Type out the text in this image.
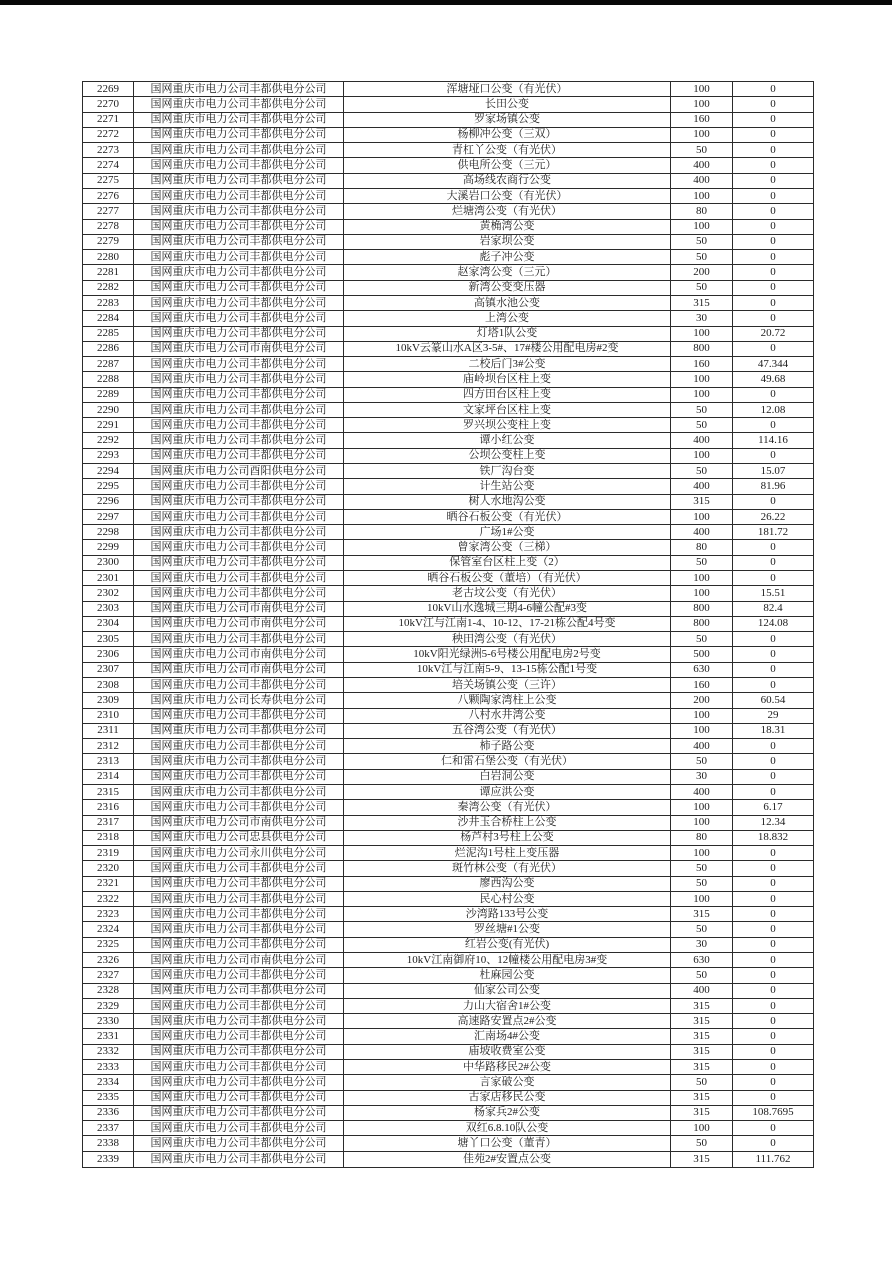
2269	国网重庆市电力公司丰都供电分公司	浑塘垭口公变（有光伏）	100	0
2270	国网重庆市电力公司丰都供电分公司	长田公变	100	0
2271	国网重庆市电力公司丰都供电分公司	罗家场镇公变	160	0
2272	国网重庆市电力公司丰都供电分公司	杨柳冲公变（三双）	100	0
2273	国网重庆市电力公司丰都供电分公司	青杠丫公变（有光伏）	50	0
2274	国网重庆市电力公司丰都供电分公司	供电所公变（三元）	400	0
2275	国网重庆市电力公司丰都供电分公司	高场线农商行公变	400	0
2276	国网重庆市电力公司丰都供电分公司	大溪岩口公变（有光伏）	100	0
2277	国网重庆市电力公司丰都供电分公司	烂塘湾公变（有光伏）	80	0
2278	国网重庆市电力公司丰都供电分公司	黄桷湾公变	100	0
2279	国网重庆市电力公司丰都供电分公司	岩家坝公变	50	0
2280	国网重庆市电力公司丰都供电分公司	彪子冲公变	50	0
2281	国网重庆市电力公司丰都供电分公司	赵家湾公变（三元）	200	0
2282	国网重庆市电力公司丰都供电分公司	新湾公变变压器	50	0
2283	国网重庆市电力公司丰都供电分公司	高镇水池公变	315	0
2284	国网重庆市电力公司丰都供电分公司	上湾公变	30	0
2285	国网重庆市电力公司丰都供电分公司	灯塔1队公变	100	20.72
2286	国网重庆市电力公司市南供电分公司	10kV云篆山水A区3-5#、17#楼公用配电房#2变	800	0
2287	国网重庆市电力公司丰都供电分公司	二校后门3#公变	160	47.344
2288	国网重庆市电力公司丰都供电分公司	庙岭坝台区柱上变	100	49.68
2289	国网重庆市电力公司丰都供电分公司	四方田台区柱上变	100	0
2290	国网重庆市电力公司丰都供电分公司	文家坪台区柱上变	50	12.08
2291	国网重庆市电力公司丰都供电分公司	罗兴坝公变柱上变	50	0
2292	国网重庆市电力公司丰都供电分公司	谭小红公变	400	114.16
2293	国网重庆市电力公司丰都供电分公司	公坝公变柱上变	100	0
2294	国网重庆市电力公司酉阳供电分公司	铁厂沟台变	50	15.07
2295	国网重庆市电力公司丰都供电分公司	计生站公变	400	81.96
2296	国网重庆市电力公司丰都供电分公司	树人水地沟公变	315	0
2297	国网重庆市电力公司丰都供电分公司	晒谷石板公变（有光伏）	100	26.22
2298	国网重庆市电力公司丰都供电分公司	广场1#公变	400	181.72
2299	国网重庆市电力公司丰都供电分公司	曾家湾公变（三梯）	80	0
2300	国网重庆市电力公司丰都供电分公司	保管室台区柱上变（2）	50	0
2301	国网重庆市电力公司丰都供电分公司	晒谷石板公变（董培）（有光伏）	100	0
2302	国网重庆市电力公司丰都供电分公司	老古坟公变（有光伏）	100	15.51
2303	国网重庆市电力公司市南供电分公司	10kV山水逸城三期4-6幢公配#3变	800	82.4
2304	国网重庆市电力公司市南供电分公司	10kV江与江南1-4、10-12、17-21栋公配4号变	800	124.08
2305	国网重庆市电力公司丰都供电分公司	秧田湾公变（有光伏）	50	0
2306	国网重庆市电力公司市南供电分公司	10kV阳光绿洲5-6号楼公用配电房2号变	500	0
2307	国网重庆市电力公司市南供电分公司	10kV江与江南5-9、13-15栋公配1号变	630	0
2308	国网重庆市电力公司丰都供电分公司	培关场镇公变（三许）	160	0
2309	国网重庆市电力公司长寿供电分公司	八颗陶家湾柱上公变	200	60.54
2310	国网重庆市电力公司丰都供电分公司	八村水井湾公变	100	29
2311	国网重庆市电力公司丰都供电分公司	五谷湾公变（有光伏）	100	18.31
2312	国网重庆市电力公司丰都供电分公司	柿子路公变	400	0
2313	国网重庆市电力公司丰都供电分公司	仁和雷石堡公变（有光伏）	50	0
2314	国网重庆市电力公司丰都供电分公司	白岩洞公变	30	0
2315	国网重庆市电力公司丰都供电分公司	谭应洪公变	400	0
2316	国网重庆市电力公司丰都供电分公司	秦湾公变（有光伏）	100	6.17
2317	国网重庆市电力公司市南供电分公司	沙井玉合桥柱上公变	100	12.34
2318	国网重庆市电力公司忠县供电分公司	杨芦村3号柱上公变	80	18.832
2319	国网重庆市电力公司永川供电分公司	烂泥沟1号柱上变压器	100	0
2320	国网重庆市电力公司丰都供电分公司	斑竹林公变（有光伏）	50	0
2321	国网重庆市电力公司丰都供电分公司	廖西沟公变	50	0
2322	国网重庆市电力公司丰都供电分公司	民心村公变	100	0
2323	国网重庆市电力公司丰都供电分公司	沙湾路133号公变	315	0
2324	国网重庆市电力公司丰都供电分公司	罗丝塘#1公变	50	0
2325	国网重庆市电力公司丰都供电分公司	红岩公变(有光伏)	30	0
2326	国网重庆市电力公司市南供电分公司	10kV江南御府10、12幢楼公用配电房3#变	630	0
2327	国网重庆市电力公司丰都供电分公司	杜麻园公变	50	0
2328	国网重庆市电力公司丰都供电分公司	仙家公司公变	400	0
2329	国网重庆市电力公司丰都供电分公司	力山大宿舍1#公变	315	0
2330	国网重庆市电力公司丰都供电分公司	高速路安置点2#公变	315	0
2331	国网重庆市电力公司丰都供电分公司	汇南场4#公变	315	0
2332	国网重庆市电力公司丰都供电分公司	庙坡收费室公变	315	0
2333	国网重庆市电力公司丰都供电分公司	中华路移民2#公变	315	0
2334	国网重庆市电力公司丰都供电分公司	言家破公变	50	0
2335	国网重庆市电力公司丰都供电分公司	古家店移民公变	315	0
2336	国网重庆市电力公司丰都供电分公司	杨家兵2#公变	315	108.7695
2337	国网重庆市电力公司丰都供电分公司	双红6.8.10队公变	100	0
2338	国网重庆市电力公司丰都供电分公司	塘丫口公变（董青）	50	0
2339	国网重庆市电力公司丰都供电分公司	佳苑2#安置点公变	315	111.762
